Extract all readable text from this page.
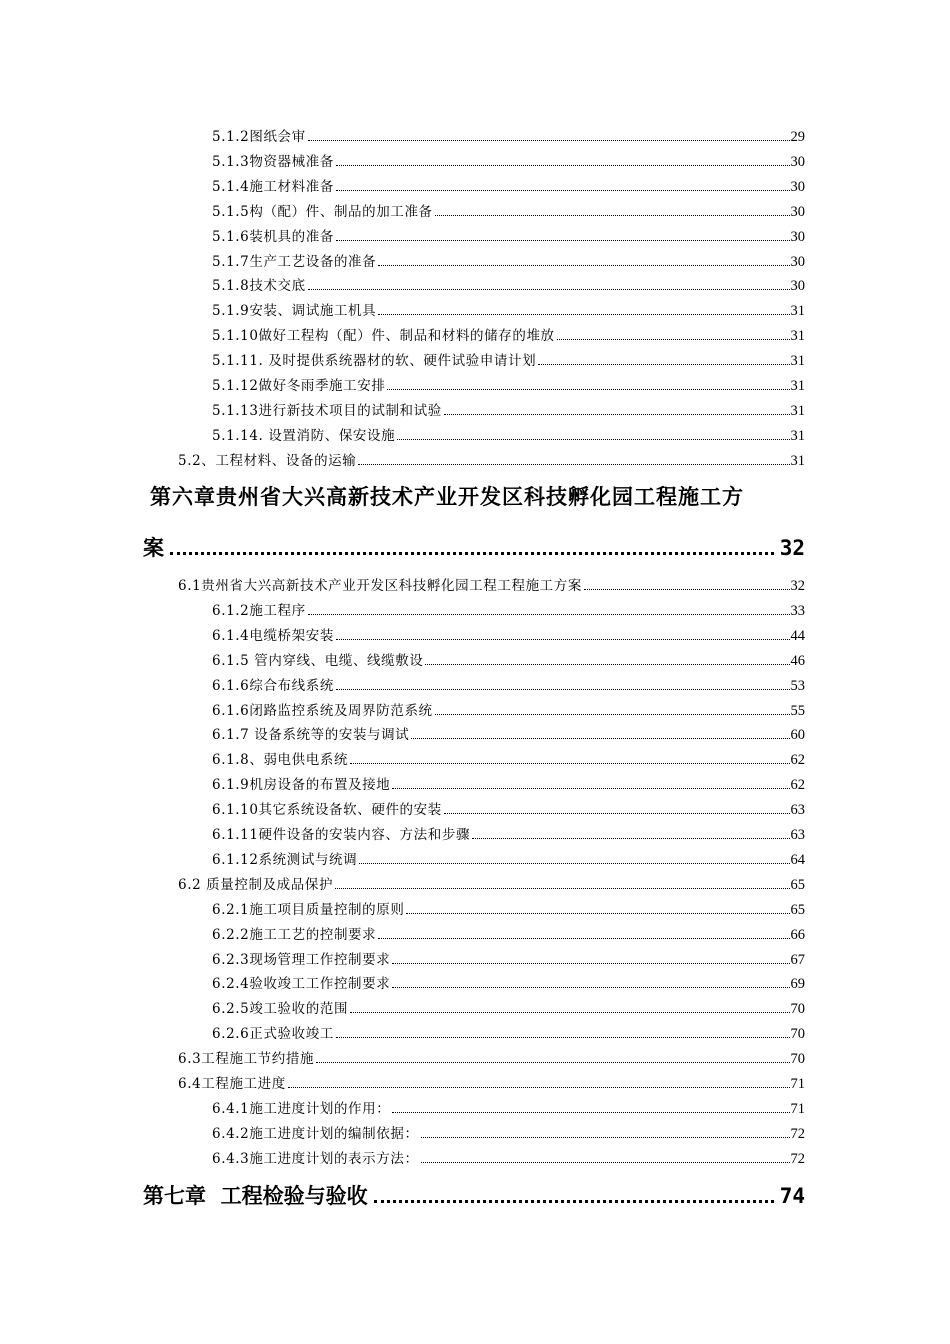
5.1.2图纸会审	29
5.1.3物资器械准备	30
5.1.4施工材料准备	30
5.1.5构（配）件、制品的加工准备	30
5.1.6装机具的准备	30
5.1.7生产工艺设备的准备	30
5.1.8技术交底	30
5.1.9安装、调试施工机具	31
5.1.10做好工程构（配）件、制品和材料的储存的堆放	31
5.1.11. 及时提供系统器材的软、硬件试验申请计划	31
5.1.12做好冬雨季施工安排	31
5.1.13进行新技术项目的试制和试验	31
5.1.14. 设置消防、保安设施	31
5.2、工程材料、设备的运输	31
第六章贵州省大兴高新技术产业开发区科技孵化园工程施工方
案	32
6.1贵州省大兴高新技术产业开发区科技孵化园工程工程施工方案	32
6.1.2施工程序	33
6.1.4电缆桥架安装	44
6.1.5 管内穿线、电缆、线缆敷设	46
6.1.6综合布线系统	53
6.1.6闭路监控系统及周界防范系统	55
6.1.7 设备系统等的安装与调试	60
6.1.8、弱电供电系统	62
6.1.9机房设备的布置及接地	62
6.1.10其它系统设备软、硬件的安装	63
6.1.11硬件设备的安装内容、方法和步骤	63
6.1.12系统测试与统调	64
6.2 质量控制及成品保护	65
6.2.1施工项目质量控制的原则	65
6.2.2施工工艺的控制要求	66
6.2.3现场管理工作控制要求	67
6.2.4验收竣工工作控制要求	69
6.2.5竣工验收的范围	70
6.2.6正式验收竣工	70
6.3工程施工节约措施	70
6.4工程施工进度	71
6.4.1施工进度计划的作用：	71
6.4.2施工进度计划的编制依据：	72
6.4.3施工进度计划的表示方法：	72
第七章  工程检验与验收	74
